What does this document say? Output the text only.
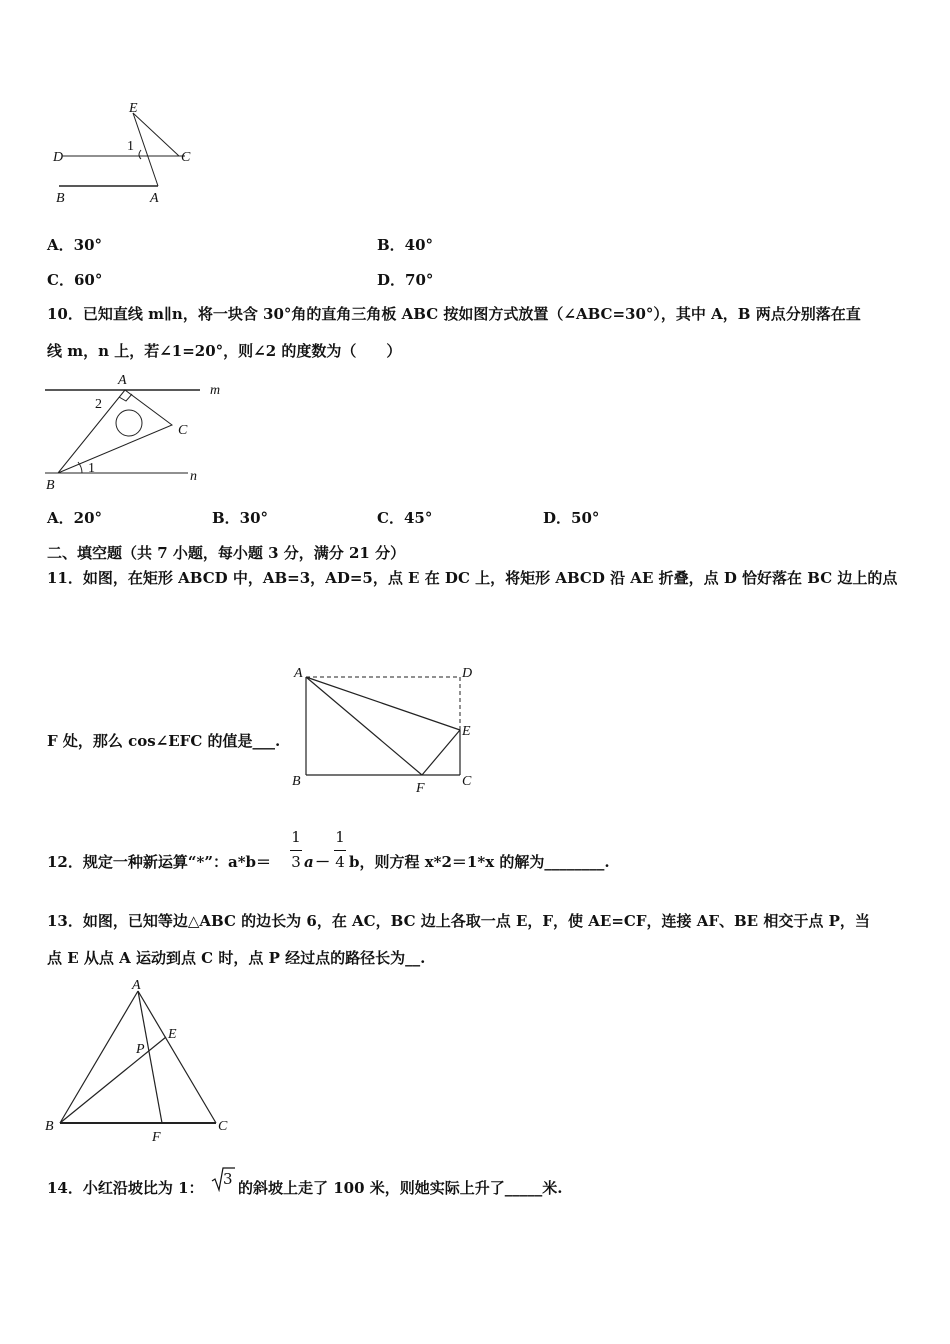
E
1
D	C
B	A
A．30°	B．40°
C．60°	D．70°
10．已知直线 m∥n，将一块含 30°角的直角三角板 ABC 按如图方式放置（∠ABC=30°），其中 A，B 两点分别落在直
线 m，n 上，若∠1=20°，则∠2 的度数为（　　）
A
m
2
C
B
1
n
A．20°	B．30°	C．45°	D．50°
二、填空题（共 7 小题，每小题 3 分，满分 21 分）
11．如图，在矩形 ABCD 中，AB=3，AD=5，点 E 在 DC 上，将矩形 ABCD 沿 AE 折叠，点 D 恰好落在 BC 边上的点
A	D
E
B	F	C
F 处，那么 cos∠EFC 的值是___.
12．规定一种新运算“*”：a*b＝
1
3 a－
1
4 b，则方程 x*2＝1*x 的解为________.
13．如图，已知等边△ABC 的边长为 6，在 AC，BC 边上各取一点 E，F，使 AE=CF，连接 AF、BE 相交于点 P，当
点 E 从点 A 运动到点 C 时，点 P 经过点的路径长为__.
A
E
P
B
F
C
14．小红沿坡比为 1： 3 的斜坡上走了 100 米，则她实际上升了_____米.
